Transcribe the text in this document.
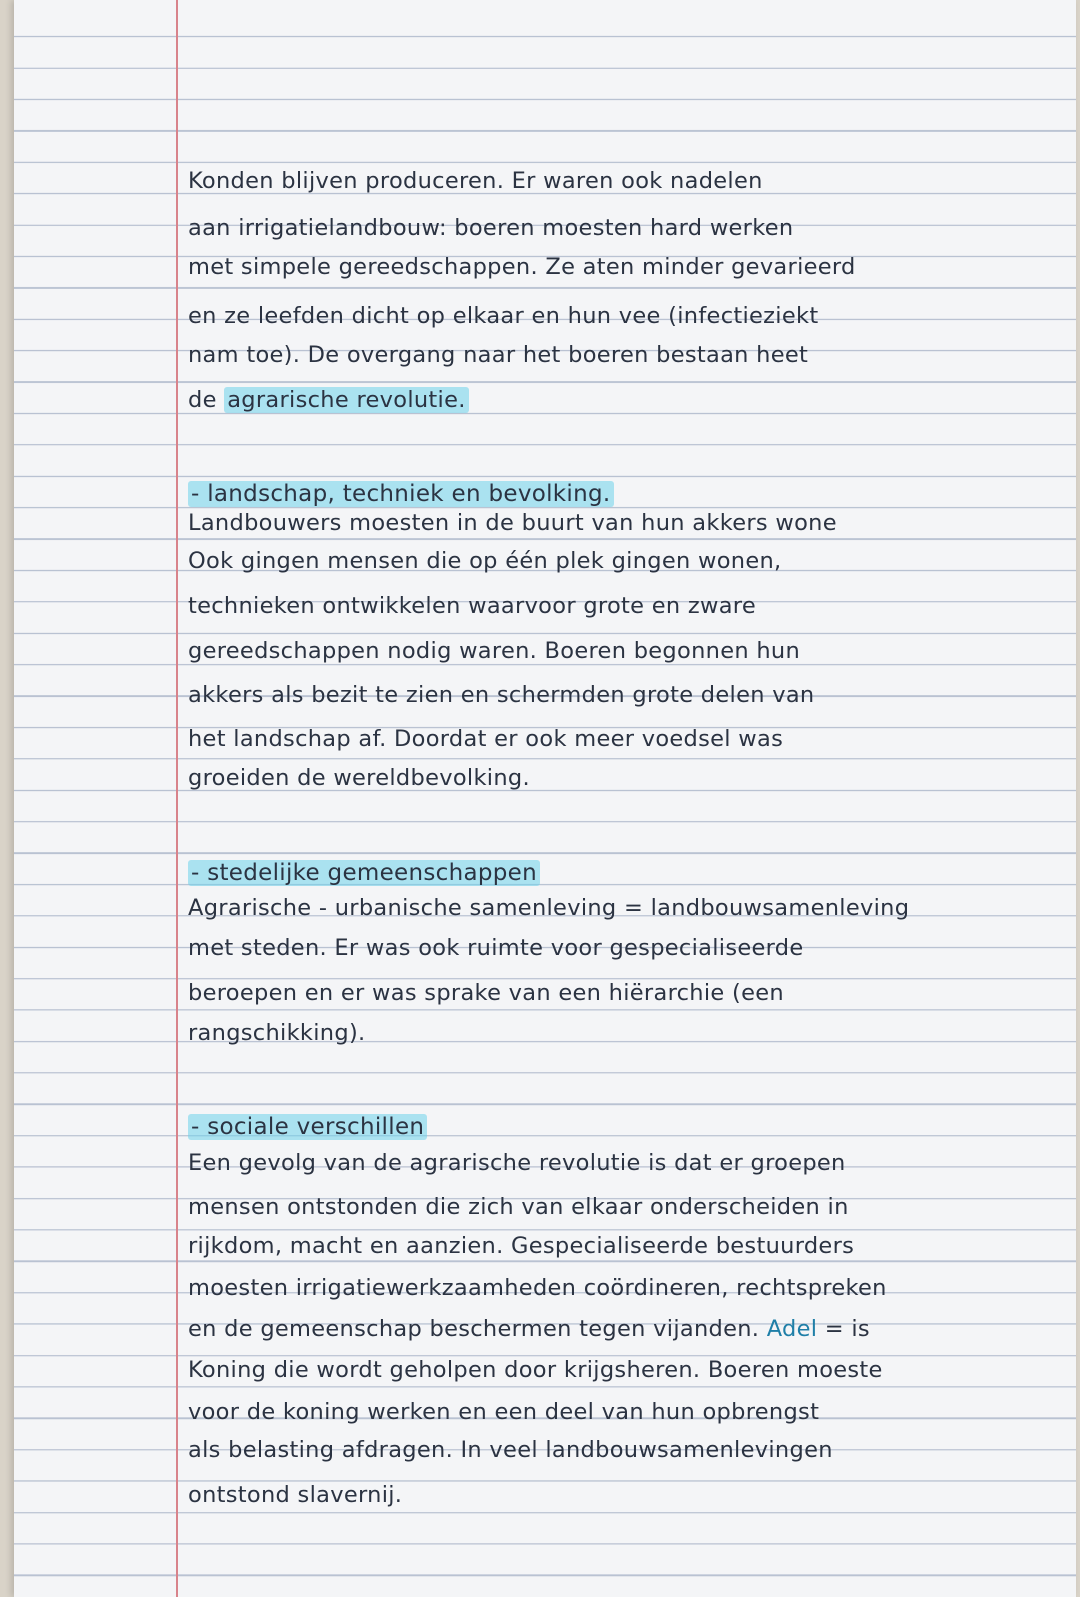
Konden blijven produceren. Er waren ook nadelen
aan irrigatielandbouw: boeren moesten hard werken
met simpele gereedschappen. Ze aten minder gevarieerd
en ze leefden dicht op elkaar en hun vee (infectieziekt
nam toe). De overgang naar het boeren bestaan heet
de agrarische revolutie.
- landschap, techniek en bevolking.
Landbouwers moesten in de buurt van hun akkers wone
Ook gingen mensen die op één plek gingen wonen,
technieken ontwikkelen waarvoor grote en zware
gereedschappen nodig waren. Boeren begonnen hun
akkers als bezit te zien en schermden grote delen van
het landschap af. Doordat er ook meer voedsel was
groeiden de wereldbevolking.
- stedelijke gemeenschappen
Agrarische - urbanische samenleving = landbouwsamenleving
met steden. Er was ook ruimte voor gespecialiseerde
beroepen en er was sprake van een hiërarchie (een
rangschikking).
- sociale verschillen
Een gevolg van de agrarische revolutie is dat er groepen
mensen ontstonden die zich van elkaar onderscheiden in
rijkdom, macht en aanzien. Gespecialiseerde bestuurders
moesten irrigatiewerkzaamheden coördineren, rechtspreken
en de gemeenschap beschermen tegen vijanden. Adel = is
Koning die wordt geholpen door krijgsheren. Boeren moeste
voor de koning werken en een deel van hun opbrengst
als belasting afdragen. In veel landbouwsamenlevingen
ontstond slavernij.
